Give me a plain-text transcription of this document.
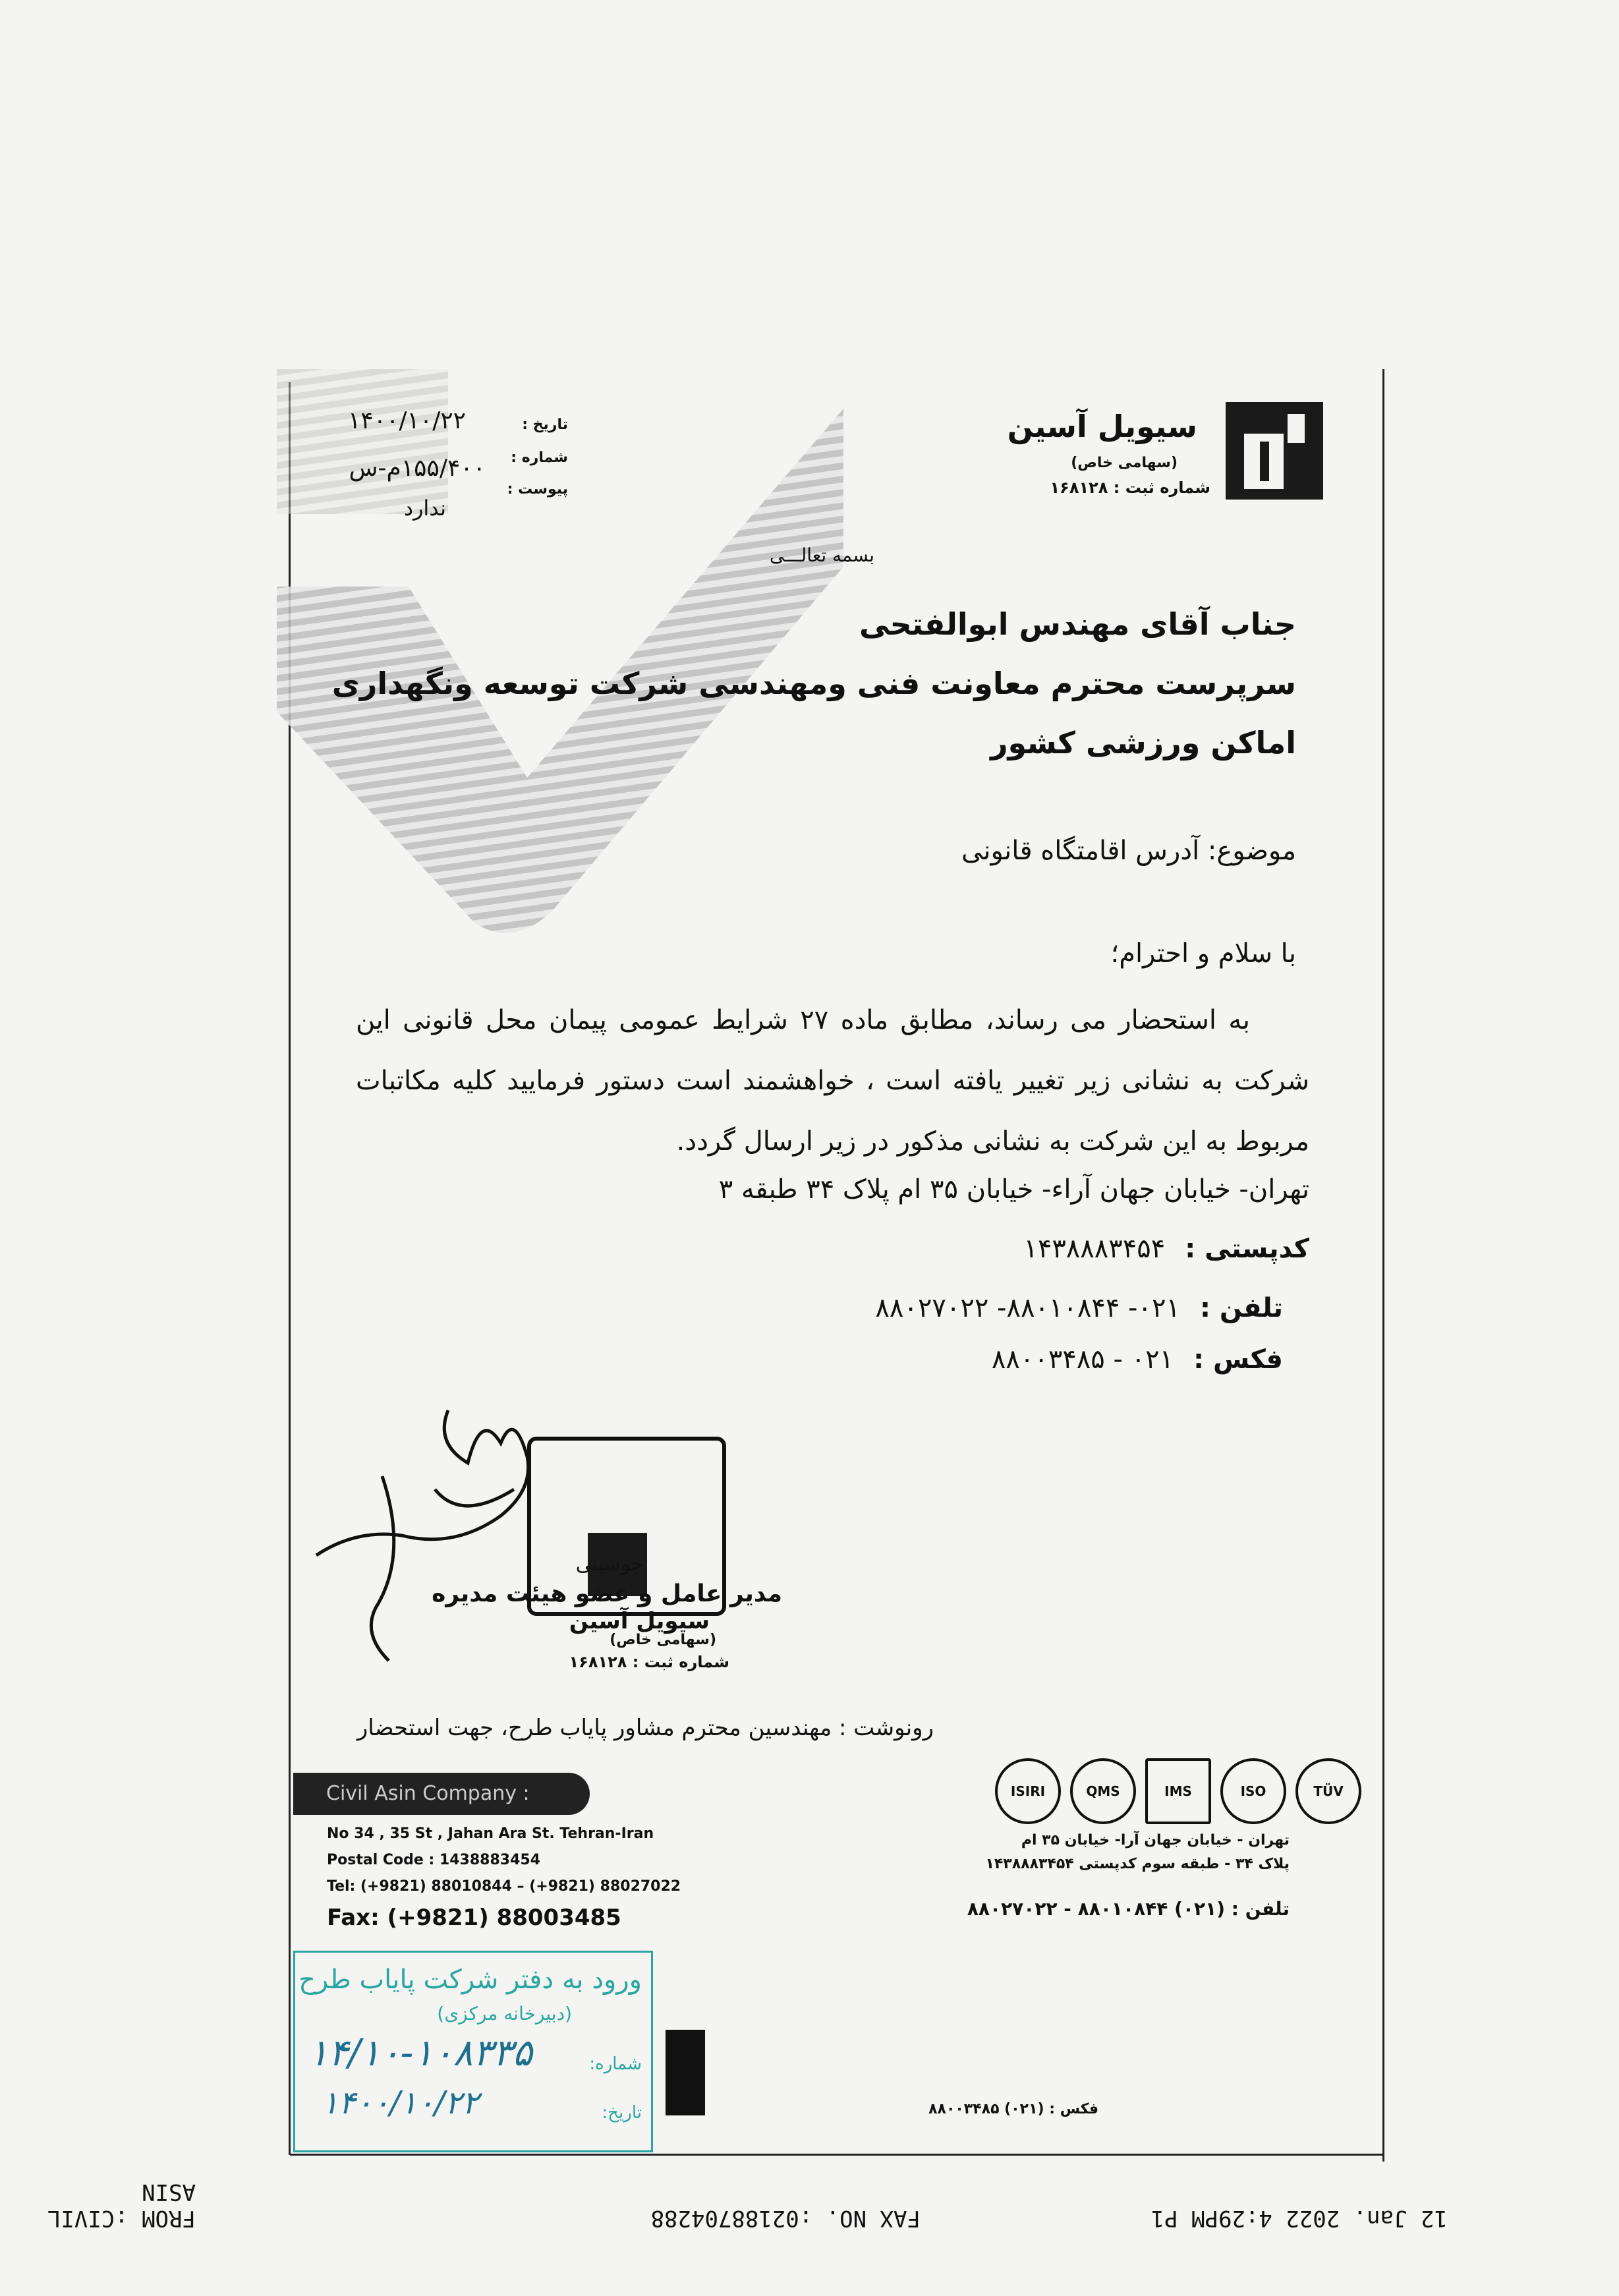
سیویل آسین
(سهامی خاص)
شماره ثبت : ۱۶۸۱۲۸
تاریخ :
۱۴۰۰/۱۰/۲۲
شماره :
۱۵۵/۴۰۰م-س
پیوست :
ندارد
بسمه تعالـــی
جناب آقای مهندس ابوالفتحی
سرپرست محترم معاونت فنی ومهندسی شرکت توسعه ونگهداری
اماکن ورزشی کشور
موضوع: آدرس اقامتگاه قانونی
با سلام و احترام؛
به استحضار می رساند، مطابق ماده ۲۷ شرایط عمومی پیمان محل قانونی این شرکت به نشانی زیر تغییر یافته است ، خواهشمند است دستور فرمایید کلیه مکاتبات مربوط به این شرکت به نشانی مذکور در زیر ارسال گردد.
تهران- خیابان جهان آراء- خیابان ۳۵ ام پلاک ۳۴ طبقه ۳
کدپستی :
۱۴۳۸۸۸۳۴۵۴
تلفن :
۰۲۱- ۸۸۰۱۰۸۴۴- ۸۸۰۲۷۰۲۲
فکس :
۰۲۱ - ۸۸۰۰۳۴۸۵
جوسینی
مدیر عامل و عضو هیئت مدیره
سیویل آسین
(سهامی خاص)
شماره ثبت : ۱۶۸۱۲۸
رونوشت : مهندسین محترم مشاور پایاب طرح، جهت استحضار
Civil Asin Company :
No 34 , 35 St , Jahan Ara St. Tehran-Iran
Postal Code : 1438883454
Tel: (+9821) 88010844 – (+9821) 88027022
Fax: (+9821) 88003485
ISIRI	QMS	IMS	ISO	TÜV
تهران - خیابان جهان آرا- خیابان ۳۵ ام
پلاک ۳۴ - طبقه سوم کدپستی ۱۴۳۸۸۸۳۴۵۴
تلفن : (۰۲۱) ۸۸۰۱۰۸۴۴ - ۸۸۰۲۷۰۲۲
فکس : (۰۲۱) ۸۸۰۰۳۴۸۵
ورود به دفتر شرکت پایاب طرح
(دبیرخانه مرکزی)
شماره:
۱۴/۱۰-۱۰۸۳۳۵
تاریخ:
۱۴۰۰/۱۰/۲۲
FROM :CIVIL ASIN
FAX NO. :02188704288	12 Jan. 2022 4:29PM P1
